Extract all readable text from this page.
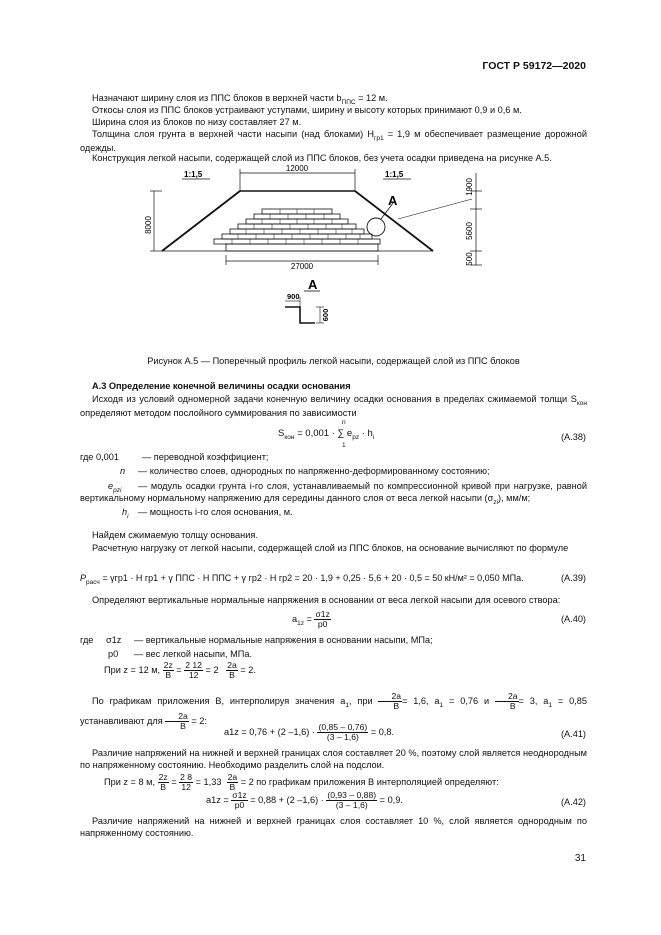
ГОСТ Р 59172—2020
Назначают ширину слоя из ППС блоков в верхней части $b_{ППС} = 12$ м.
Откосы слоя из ППС блоков устраивают уступами, ширину и высоту которых принимают 0,9 и 0,6 м.
Ширина слоя из блоков по низу составляет 27 м.
Толщина слоя грунта в верхней части насыпи (над блоками) $H_{гр1} = 1,9$ м обеспечивает размещение дорожной одежды.
Конструкция легкой насыпи, содержащей слой из ППС блоков, без учета осадки приведена на рисунке А.5.
12000
1:1,5	1:1,5
A
27000
8000
1900
5600
500
A
900
600
Рисунок А.5 — Поперечный профиль легкой насыпи, содержащей слой из ППС блоков
А.3 Определение конечной величины осадки основания
Исходя из условий одномерной задачи конечную величину осадки основания в пределах сжимаемой толщи $S_{кон}$ определяют методом послойного суммирования по зависимости
$S_{кон} = 0,001$ · ∑ $e_{pz} \cdot h_i$
n
1
(А.38)
где 0,001	— переводной коэффициент;
n — количество слоев, однородных по напряженно-деформированному состоянию;
$e_{pzi}$	— модуль осадки грунта i-го слоя, устанавливаемый по компрессионной кривой при нагрузке, равной вертикальному нормальному напряжению для середины данного слоя от веса легкой насыпи $(\sigma_{zi})$, мм/м;
$h_i$ — мощность i-го слоя основания, м.
Найдем сжимаемую толщу основания.
Расчетную нагрузку от легкой насыпи, содержащей слой из ППС блоков, на основание вычисляют по формуле
$P_{расч} = \gamma гр1 \cdot H$ гр1 + γ ППС · H ППС + γ гр2 · H гр2 = 20 · 1,9 + 0,25 · 5,6 + 20 · 0,5 = 50 кН/м² = 0,050 МПа.	(А.39)
Определяют вертикальные нормальные напряжения в основании от веса легкой насыпи для осевого створа:
$a_{1z} = \frac{\sigma 1z}{p0}$	(А.40)
где σ1z — вертикальные нормальные напряжения в основании насыпи, МПа;
p0 — вес легкой насыпи, МПа.
При z = 12 м, $\frac{2z}{B} = \frac{2 12}{12} = 2 \frac{2a}{B} = 2$.
По графикам приложения В, интерполируя значения $a_1$, при $\frac{2a}{B} = 1,6$, $a_1 = 0,76$ и $\frac{2a}{B} = 3$, $a_1 = 0,85$ устанавливают для $\frac{2a}{B} = 2$:
a1z = 0,76 + (2 $-1,6) \cdot \frac{(0,85 - 0,76)}{(3 - 1,6)} = 0,8$.	(А.41)
Различие напряжений на нижней и верхней границах слоя составляет 20 %, поэтому слой является неоднородным по напряженному состоянию. Необходимо разделить слой на подслои.
При z = 8 м, $\frac{2z}{B} = \frac{2 8}{12} = 1,33 \frac{2a}{B} = 2$ по графикам приложения В интерполяцией определяют:
$a1z = \frac{\sigma 1z}{p0} = 0,88 + (2$ $-1,6) \cdot \frac{(0,93 - 0,88)}{(3 - 1,6)} = 0,9$.	(А.42)
Различие напряжений на нижней и верхней границах слоя составляет 10 %, слой является однородным по напряженному состоянию.
31
